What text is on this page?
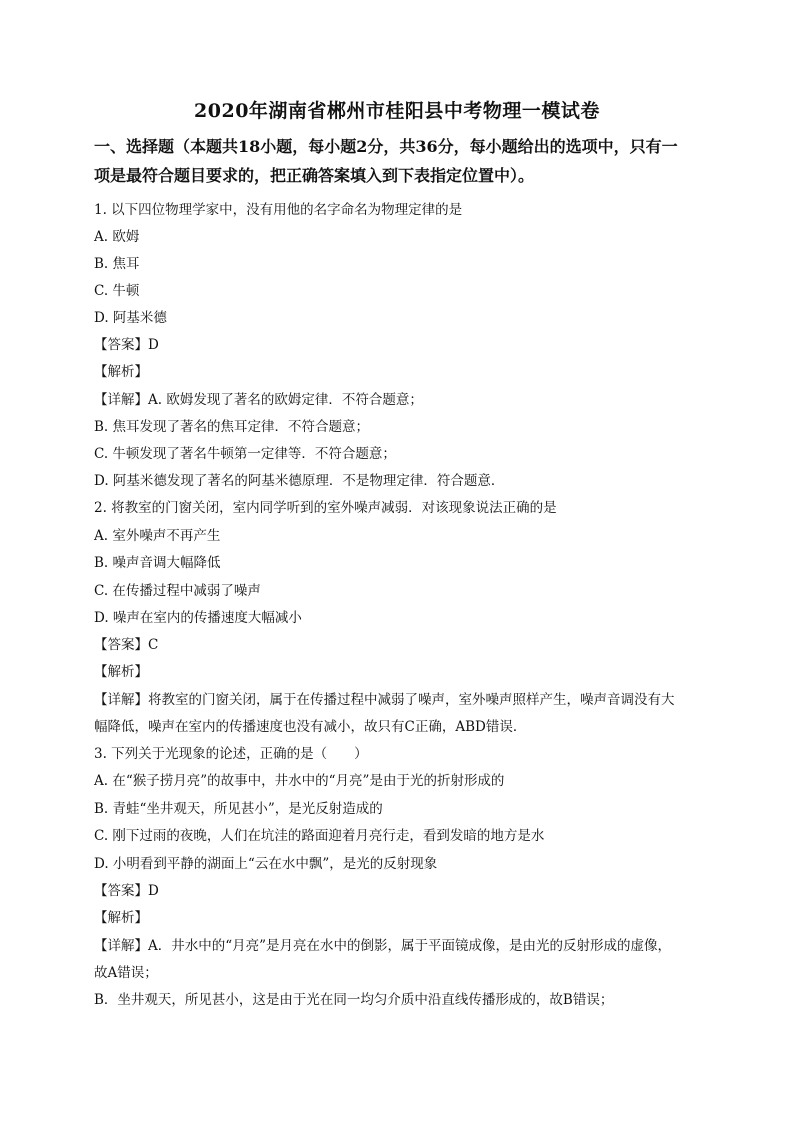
2020年湖南省郴州市桂阳县中考物理一模试卷
一、选择题（本题共18小题，每小题2分，共36分，每小题给出的选项中，只有一
项是最符合题目要求的，把正确答案填入到下表指定位置中）。
1. 以下四位物理学家中，没有用他的名字命名为物理定律的是
A. 欧姆
B. 焦耳
C. 牛顿
D. 阿基米德
【答案】D
【解析】
【详解】A. 欧姆发现了著名的欧姆定律．不符合题意；
B. 焦耳发现了著名的焦耳定律．不符合题意；
C. 牛顿发现了著名牛顿第一定律等．不符合题意；
D. 阿基米德发现了著名的阿基米德原理．不是物理定律．符合题意．
2. 将教室的门窗关闭，室内同学听到的室外噪声减弱．对该现象说法正确的是
A. 室外噪声不再产生
B. 噪声音调大幅降低
C. 在传播过程中减弱了噪声
D. 噪声在室内的传播速度大幅减小
【答案】C
【解析】
【详解】将教室的门窗关闭，属于在传播过程中减弱了噪声，室外噪声照样产生，噪声音调没有大
幅降低，噪声在室内的传播速度也没有减小，故只有C正确，ABD错误．
3. 下列关于光现象的论述，正确的是（　　）
A. 在“猴子捞月亮”的故事中，井水中的“月亮”是由于光的折射形成的
B. 青蛙“坐井观天，所见甚小”，是光反射造成的
C. 刚下过雨的夜晚，人们在坑洼的路面迎着月亮行走，看到发暗的地方是水
D. 小明看到平静的湖面上“云在水中飘”，是光的反射现象
【答案】D
【解析】
【详解】A．井水中的“月亮”是月亮在水中的倒影，属于平面镜成像，是由光的反射形成的虚像，
故A错误；
B．坐井观天，所见甚小，这是由于光在同一均匀介质中沿直线传播形成的，故B错误；
